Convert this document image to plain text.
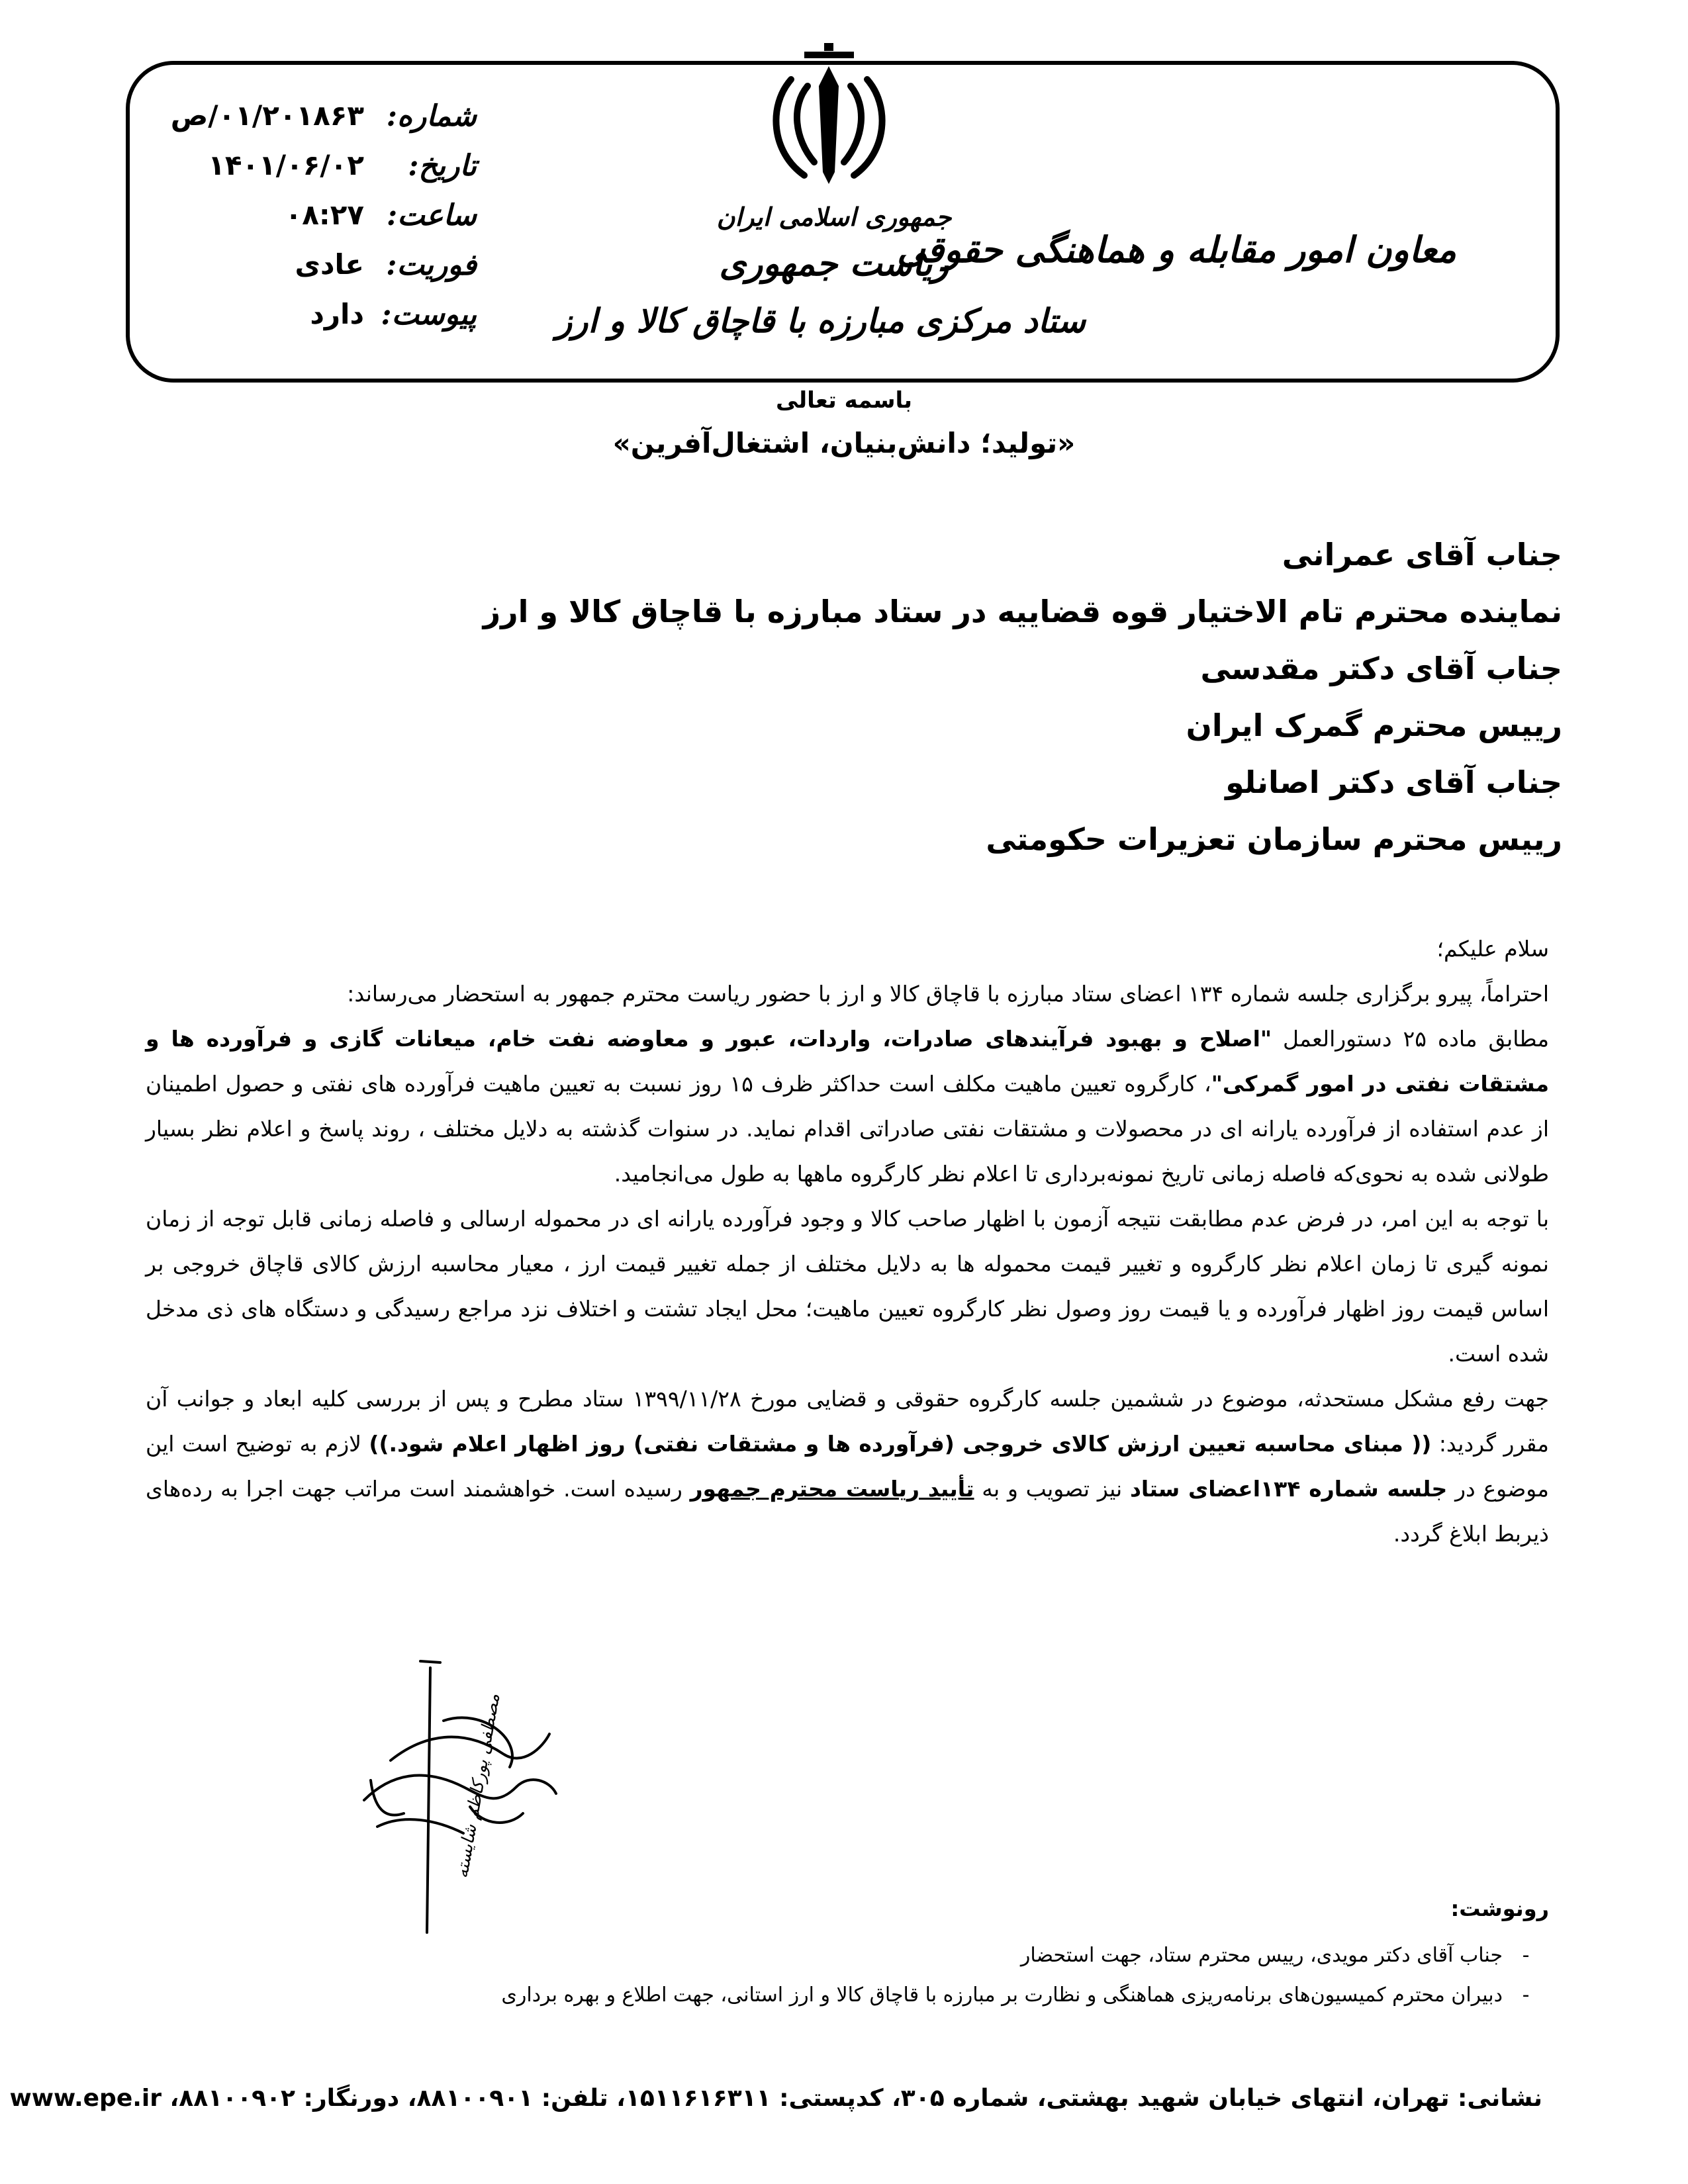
شماره:
۰۱/۲۰۱۸۶۳/ص
تاریخ:
۱۴۰۱/۰۶/۰۲
ساعت:
۰۸:۲۷
فوریت:
عادی
پیوست:
دارد
جمهوری اسلامی ایران
ریاست جمهوری
ستاد مرکزی مبارزه با قاچاق کالا و ارز
معاون امور مقابله و هماهنگی حقوقی
باسمه تعالی
«تولید؛ دانش‌بنیان، اشتغال‌آفرین»
جناب آقای عمرانی
نماینده محترم تام الاختیار قوه قضاییه در ستاد مبارزه با قاچاق کالا و ارز
جناب آقای دکتر مقدسی
رییس محترم گمرک ایران
جناب آقای دکتر اصانلو
رییس محترم سازمان تعزیرات حکومتی
سلام علیکم؛
احتراماً، پیرو برگزاری جلسه شماره ۱۳۴ اعضای ستاد مبارزه با قاچاق کالا و ارز با حضور ریاست محترم جمهور به استحضار می‌رساند:
مطابق ماده ۲۵ دستورالعمل "اصلاح و بهبود فرآیندهای صادرات، واردات، عبور و معاوضه نفت خام، میعانات گازی و فرآورده ها و مشتقات نفتی در امور گمرکی"، کارگروه تعیین ماهیت مکلف است حداکثر ظرف ۱۵ روز نسبت به تعیین ماهیت فرآورده های نفتی و حصول اطمینان از عدم استفاده از فرآورده یارانه ای در محصولات و مشتقات نفتی صادراتی اقدام نماید. در سنوات گذشته به دلایل مختلف ، روند پاسخ و اعلام نظر بسیار طولانی شده به نحوی‌که فاصله زمانی تاریخ نمونه‌برداری تا اعلام نظر کارگروه ماهها به طول می‌انجامید.
با توجه به این امر، در فرض عدم مطابقت نتیجه آزمون با اظهار صاحب کالا و وجود فرآورده یارانه ای در محموله ارسالی و فاصله زمانی قابل توجه از زمان نمونه گیری تا زمان اعلام نظر کارگروه و تغییر قیمت محموله ها به دلایل مختلف از جمله تغییر قیمت ارز ، معیار محاسبه ارزش کالای قاچاق خروجی بر اساس قیمت روز اظهار فرآورده و یا قیمت روز وصول نظر کارگروه تعیین ماهیت؛ محل ایجاد تشتت و اختلاف نزد مراجع رسیدگی و دستگاه های ذی مدخل شده است.
جهت رفع مشکل مستحدثه، موضوع در ششمین جلسه کارگروه حقوقی و قضایی مورخ ۱۳۹۹/۱۱/۲۸ ستاد مطرح و پس از بررسی کلیه ابعاد و جوانب آن مقرر گردید: (( مبنای محاسبه تعیین ارزش کالای خروجی (فرآورده ها و مشتقات نفتی) روز اظهار اعلام شود.)) لازم به توضیح است این موضوع در جلسه شماره ۱۳۴اعضای ستاد نیز تصویب و به تأیید ریاست محترم جمهور رسیده است. خواهشمند است مراتب جهت اجرا به رده‌های ذیربط ابلاغ گردد.
مصطفی پورکاظم شایسته
رونوشت:
-جناب آقای دکتر مویدی، رییس محترم ستاد، جهت استحضار
-دبیران محترم کمیسیون‌های برنامه‌ریزی هماهنگی و نظارت بر مبارزه با قاچاق کالا و ارز استانی، جهت اطلاع و بهره برداری
نشانی: تهران، انتهای خیابان شهید بهشتی، شماره ۳۰۵، کدپستی: ۱۵۱۱۶۱۶۳۱۱، تلفن: ۸۸۱۰۰۹۰۱، دورنگار: ۸۸۱۰۰۹۰۲، www.epe.ir
